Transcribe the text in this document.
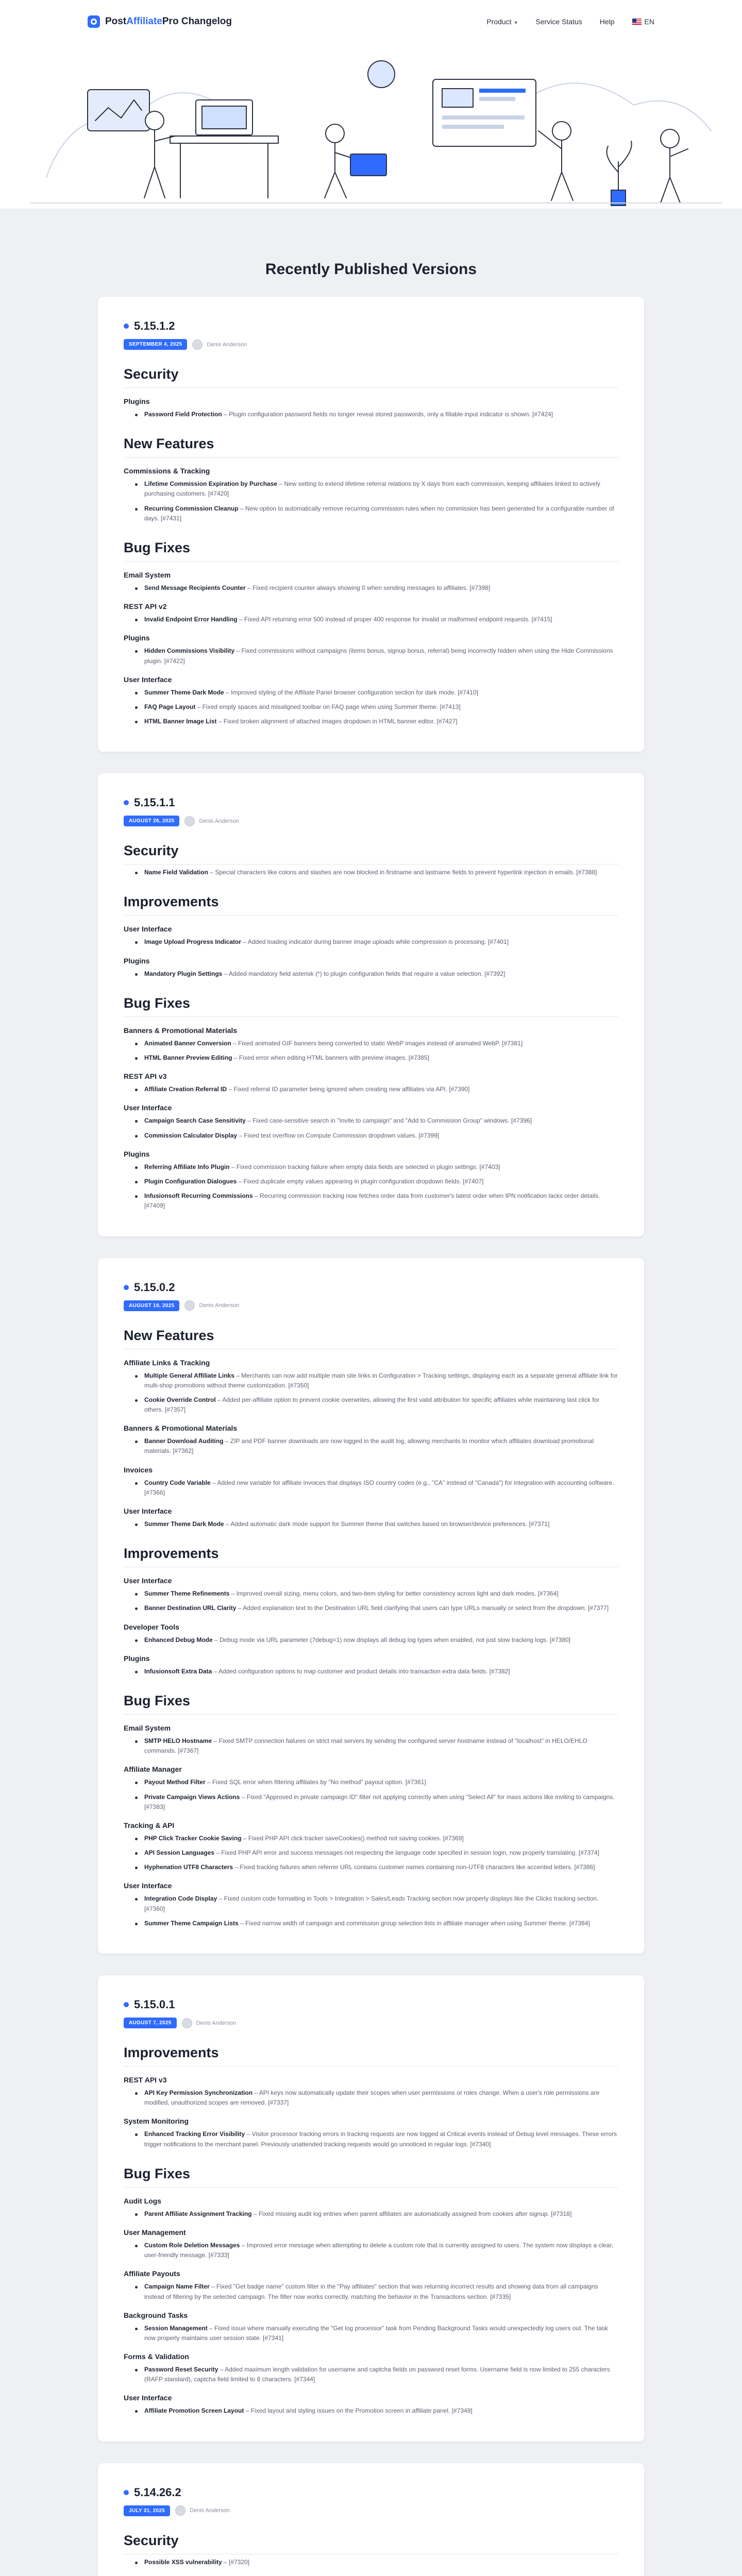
PostAffiliatePro Changelog	Product ▼ Service Status Help	EN
Recently Published Versions
5.15.1.2
SEPTEMBER 4, 2025	Denis Anderson
Security
Plugins
Password Field Protection – Plugin configuration password fields no longer reveal stored passwords, only a fillable input indicator is shown. [#7424]
New Features
Commissions & Tracking
Lifetime Commission Expiration by Purchase – New setting to extend lifetime referral relations by X days from each commission, keeping affiliates linked to actively purchasing customers. [#7420]
Recurring Commission Cleanup – New option to automatically remove recurring commission rules when no commission has been generated for a configurable number of days. [#7431]
Bug Fixes
Email System
Send Message Recipients Counter – Fixed recipient counter always showing 0 when sending messages to affiliates. [#7398]
REST API v2
Invalid Endpoint Error Handling – Fixed API returning error 500 instead of proper 400 response for invalid or malformed endpoint requests. [#7415]
Plugins
Hidden Commissions Visibility – Fixed commissions without campaigns (items bonus, signup bonus, referral) being incorrectly hidden when using the Hide Commissions plugin. [#7422]
User Interface
Summer Theme Dark Mode – Improved styling of the Affiliate Panel browser configuration section for dark mode. [#7410]
FAQ Page Layout – Fixed empty spaces and misaligned toolbar on FAQ page when using Summer theme. [#7413]
HTML Banner Image List – Fixed broken alignment of attached images dropdown in HTML banner editor. [#7427]
5.15.1.1
AUGUST 26, 2025	Denis Anderson
Security
Name Field Validation – Special characters like colons and slashes are now blocked in firstname and lastname fields to prevent hyperlink injection in emails. [#7388]
Improvements
User Interface
Image Upload Progress Indicator – Added loading indicator during banner image uploads while compression is processing. [#7401]
Plugins
Mandatory Plugin Settings – Added mandatory field asterisk (*) to plugin configuration fields that require a value selection. [#7392]
Bug Fixes
Banners & Promotional Materials
Animated Banner Conversion – Fixed animated GIF banners being converted to static WebP images instead of animated WebP. [#7381]
HTML Banner Preview Editing – Fixed error when editing HTML banners with preview images. [#7385]
REST API v3
Affiliate Creation Referral ID – Fixed referral ID parameter being ignored when creating new affiliates via API. [#7390]
User Interface
Campaign Search Case Sensitivity – Fixed case-sensitive search in "Invite to campaign" and "Add to Commission Group" windows. [#7396]
Commission Calculator Display – Fixed text overflow on Compute Commission dropdown values. [#7399]
Plugins
Referring Affiliate Info Plugin – Fixed commission tracking failure when empty data fields are selected in plugin settings. [#7403]
Plugin Configuration Dialogues – Fixed duplicate empty values appearing in plugin configuration dropdown fields. [#7407]
Infusionsoft Recurring Commissions – Recurring commission tracking now fetches order data from customer's latest order when IPN notification lacks order details. [#7409]
5.15.0.2
AUGUST 19, 2025	Denis Anderson
New Features
Affiliate Links & Tracking
Multiple General Affiliate Links – Merchants can now add multiple main site links in Configuration > Tracking settings, displaying each as a separate general affiliate link for multi-shop promotions without theme customization. [#7350]
Cookie Override Control – Added per-affiliate option to prevent cookie overwrites, allowing the first valid attribution for specific affiliates while maintaining last click for others. [#7357]
Banners & Promotional Materials
Banner Download Auditing – ZIP and PDF banner downloads are now logged in the audit log, allowing merchants to monitor which affiliates download promotional materials. [#7362]
Invoices
Country Code Variable – Added new variable for affiliate invoices that displays ISO country codes (e.g., "CA" instead of "Canada") for integration with accounting software. [#7366]
User Interface
Summer Theme Dark Mode – Added automatic dark mode support for Summer theme that switches based on browser/device preferences. [#7371]
Improvements
User Interface
Summer Theme Refinements – Improved overall sizing, menu colors, and two-item styling for better consistency across light and dark modes. [#7364]
Banner Destination URL Clarity – Added explanation text to the Destination URL field clarifying that users can type URLs manually or select from the dropdown. [#7377]
Developer Tools
Enhanced Debug Mode – Debug mode via URL parameter (?debug=1) now displays all debug log types when enabled, not just slow tracking logs. [#7380]
Plugins
Infusionsoft Extra Data – Added configuration options to map customer and product details into transaction extra data fields. [#7382]
Bug Fixes
Email System
SMTP HELO Hostname – Fixed SMTP connection failures on strict mail servers by sending the configured server hostname instead of "localhost" in HELO/EHLO commands. [#7367]
Affiliate Manager
Payout Method Filter – Fixed SQL error when filtering affiliates by "No method" payout option. [#7361]
Private Campaign Views Actions – Fixed "Approved in private campaign ID" filter not applying correctly when using "Select All" for mass actions like inviting to campaigns. [#7383]
Tracking & API
PHP Click Tracker Cookie Saving – Fixed PHP API click tracker saveCookies() method not saving cookies. [#7369]
API Session Languages – Fixed PHP API error and success messages not respecting the language code specified in session login, now properly translating. [#7374]
Hyphenation UTF8 Characters – Fixed tracking failures when referrer URL contains customer names containing non-UTF8 characters like accented letters. [#7386]
User Interface
Integration Code Display – Fixed custom code formatting in Tools > Integration > Sales/Leads Tracking section now properly displays like the Clicks tracking section. [#7360]
Summer Theme Campaign Lists – Fixed narrow width of campaign and commission group selection lists in affiliate manager when using Summer theme. [#7384]
5.15.0.1
AUGUST 7, 2025	Denis Anderson
Improvements
REST API v3
API Key Permission Synchronization – API keys now automatically update their scopes when user permissions or roles change. When a user's role permissions are modified, unauthorized scopes are removed. [#7337]
System Monitoring
Enhanced Tracking Error Visibility – Visitor processor tracking errors in tracking requests are now logged at Critical events instead of Debug level messages. These errors trigger notifications to the merchant panel. Previously unattended tracking requests would go unnoticed in regular logs. [#7340]
Bug Fixes
Audit Logs
Parent Affiliate Assignment Tracking – Fixed missing audit log entries when parent affiliates are automatically assigned from cookies after signup. [#7318]
User Management
Custom Role Deletion Messages – Improved error message when attempting to delete a custom role that is currently assigned to users. The system now displays a clear, user-friendly message. [#7333]
Affiliate Payouts
Campaign Name Filter – Fixed "Get badge name" custom filter in the "Pay affiliates" section that was returning incorrect results and showing data from all campaigns instead of filtering by the selected campaign. The filter now works correctly, matching the behavior in the Transactions section. [#7335]
Background Tasks
Session Management – Fixed issue where manually executing the "Get log processor" task from Pending Background Tasks would unexpectedly log users out. The task now properly maintains user session state. [#7341]
Forms & Validation
Password Reset Security – Added maximum length validation for username and captcha fields on password reset forms. Username field is now limited to 255 characters (RAFP standard), captcha field limited to 8 characters. [#7344]
User Interface
Affiliate Promotion Screen Layout – Fixed layout and styling issues on the Promotion screen in affiliate panel. [#7349]
5.14.26.2
JULY 31, 2025	Denis Anderson
Security
Possible XSS vulnerability – [#7320]
